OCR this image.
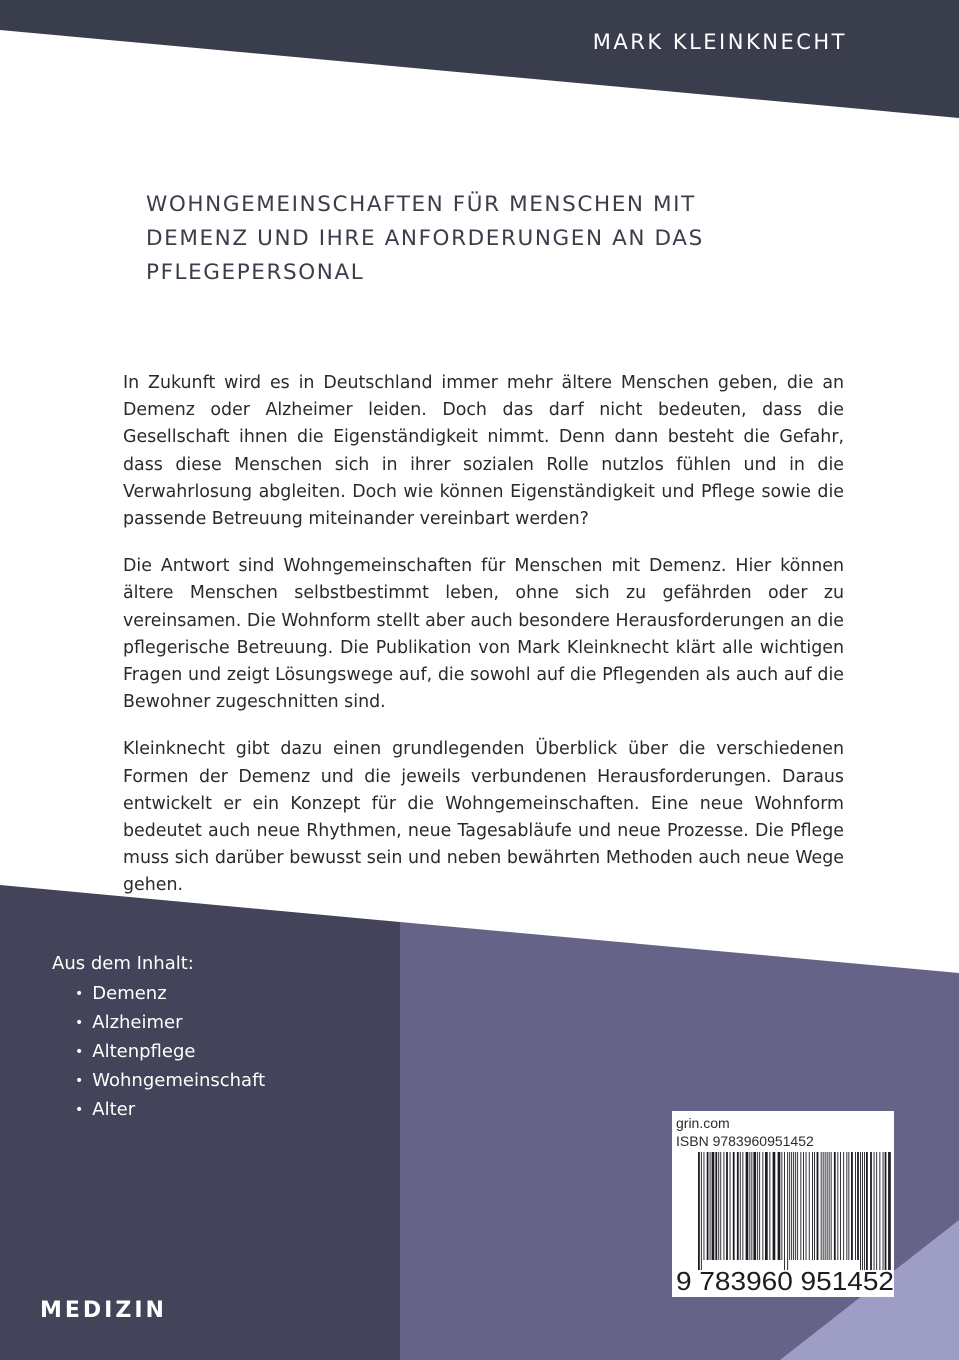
MARK KLEINKNECHT
WOHNGEMEINSCHAFTEN FÜR MENSCHEN MIT
DEMENZ UND IHRE ANFORDERUNGEN AN DAS
PFLEGEPERSONAL

In Zukunft wird es in Deutschland immer mehr ältere Menschen geben, die an Demenz oder Alzheimer leiden. Doch das darf nicht bedeuten, dass die Gesellschaft ihnen die Eigenständigkeit nimmt. Denn dann besteht die Gefahr, dass diese Menschen sich in ihrer sozialen Rolle nutzlos fühlen und in die Verwahrlosung abgleiten. Doch wie können Eigenständigkeit und Pflege sowie die passende Betreuung miteinander vereinbart werden?

Die Antwort sind Wohngemeinschaften für Menschen mit Demenz. Hier können ältere Menschen selbstbestimmt leben, ohne sich zu gefährden oder zu vereinsamen. Die Wohnform stellt aber auch besondere Herausforderungen an die pflegerische Betreuung. Die Publikation von Mark Kleinknecht klärt alle wichtigen Fragen und zeigt Lösungswege auf, die sowohl auf die Pflegenden als auch auf die Bewohner zugeschnitten sind.

Kleinknecht gibt dazu einen grundlegenden Überblick über die verschiedenen Formen der Demenz und die jeweils verbundenen Herausforderungen. Daraus entwickelt er ein Konzept für die Wohngemeinschaften. Eine neue Wohnform bedeutet auch neue Rhythmen, neue Tagesabläufe und neue Prozesse. Die Pflege muss sich darüber bewusst sein und neben bewährten Methoden auch neue Wege gehen.

Aus dem Inhalt:
• Demenz
• Alzheimer
• Altenpflege
• Wohngemeinschaft
• Alter
grin.com
ISBN 9783960951452
9 783960 951452
MEDIZIN
